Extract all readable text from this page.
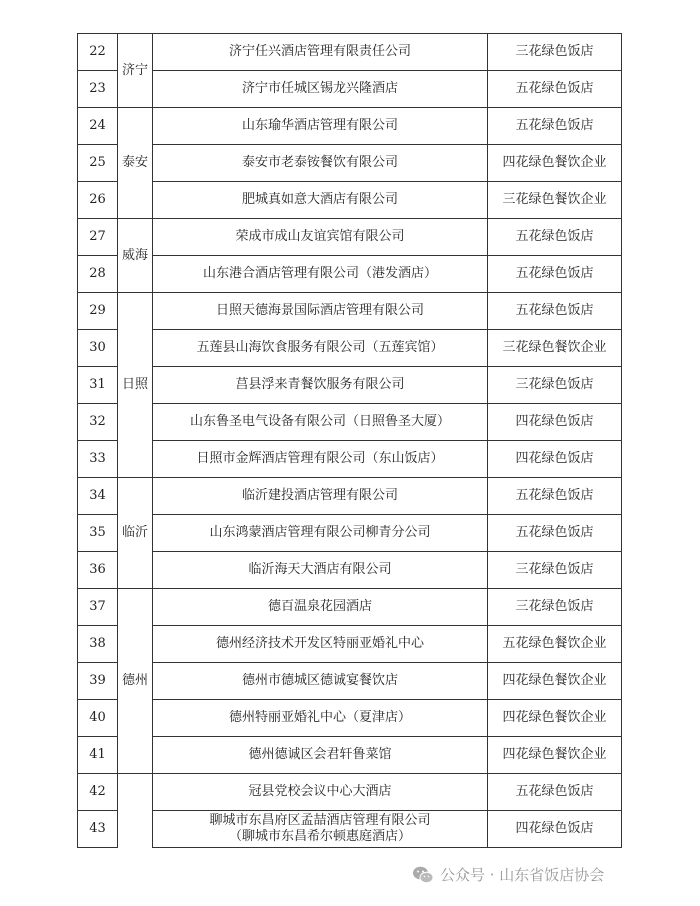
22	济宁	济宁任兴酒店管理有限责任公司	三花绿色饭店
23		济宁市任城区锡龙兴隆酒店	五花绿色饭店
24	泰安	山东瑜华酒店管理有限公司	五花绿色饭店
25		泰安市老泰铵餐饮有限公司	四花绿色餐饮企业
26		肥城真如意大酒店有限公司	三花绿色餐饮企业
27	威海	荣成市成山友谊宾馆有限公司	五花绿色饭店
28		山东港合酒店管理有限公司（港发酒店）	五花绿色饭店
29	日照	日照天德海景国际酒店管理有限公司	五花绿色饭店
30		五莲县山海饮食服务有限公司（五莲宾馆）	三花绿色餐饮企业
31		莒县浮来青餐饮服务有限公司	三花绿色饭店
32		山东鲁圣电气设备有限公司（日照鲁圣大厦）	四花绿色饭店
33		日照市金辉酒店管理有限公司（东山饭店）	四花绿色饭店
34	临沂	临沂建投酒店管理有限公司	五花绿色饭店
35		山东鸿蒙酒店管理有限公司柳青分公司	五花绿色饭店
36		临沂海天大酒店有限公司	三花绿色饭店
37	德州	德百温泉花园酒店	三花绿色饭店
38		德州经济技术开发区特丽亚婚礼中心	五花绿色餐饮企业
39		德州市德城区德诚宴餐饮店	四花绿色餐饮企业
40		德州特丽亚婚礼中心（夏津店）	四花绿色餐饮企业
41		德州德诚区会君轩鲁菜馆	四花绿色餐饮企业
42		冠县党校会议中心大酒店	五花绿色饭店
43		聊城市东昌府区孟喆酒店管理有限公司
（聊城市东昌希尔顿惠庭酒店）	四花绿色饭店
公众号 · 山东省饭店协会
